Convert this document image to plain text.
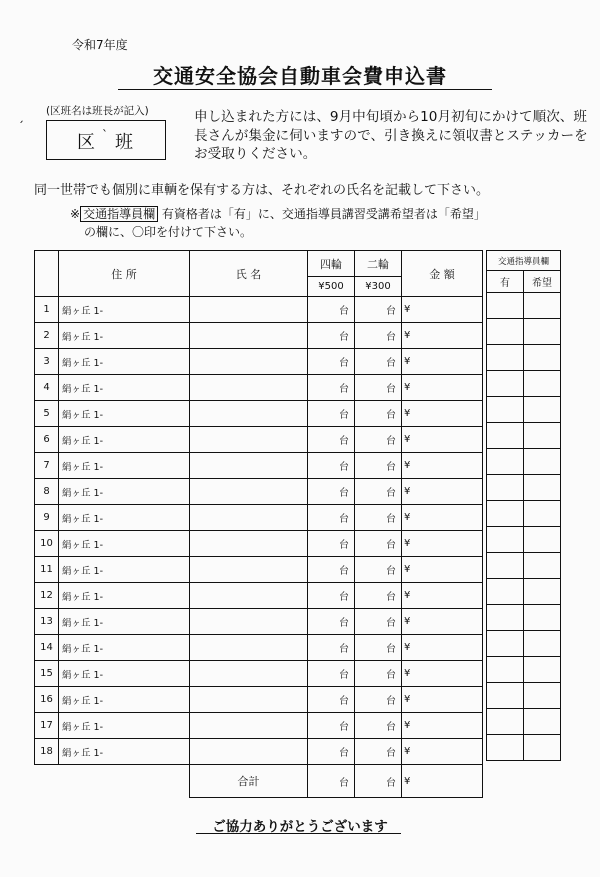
令和7年度
交通安全協会自動車会費申込書
ˏ (区班名は班長が記入)
区 ˋ 班
申し込まれた方には、9月中旬頃から10月初旬にかけて順次、班長さんが集金に伺いますので、引き換えに領収書とステッカーをお受取りください。
同一世帯でも個別に車輌を保有する方は、それぞれの氏名を記載して下さい。
※ 交通指導員欄 有資格者は「有」に、交通指導員講習受講希望者は「希望」
の欄に、〇印を付けて下さい。
	住 所	氏 名	四輪	二輪	金 額
			¥500	¥300	
1	絹ヶ丘 1-		台	台	¥
2	絹ヶ丘 1-		台	台	¥
3	絹ヶ丘 1-		台	台	¥
4	絹ヶ丘 1-		台	台	¥
5	絹ヶ丘 1-		台	台	¥
6	絹ヶ丘 1-		台	台	¥
7	絹ヶ丘 1-		台	台	¥
8	絹ヶ丘 1-		台	台	¥
9	絹ヶ丘 1-		台	台	¥
10	絹ヶ丘 1-		台	台	¥
11	絹ヶ丘 1-		台	台	¥
12	絹ヶ丘 1-		台	台	¥
13	絹ヶ丘 1-		台	台	¥
14	絹ヶ丘 1-		台	台	¥
15	絹ヶ丘 1-		台	台	¥
16	絹ヶ丘 1-		台	台	¥
17	絹ヶ丘 1-		台	台	¥
18	絹ヶ丘 1-		台	台	¥
		合計	台	台	¥
交通指導員欄	
有	希望

ご協力ありがとうございます
